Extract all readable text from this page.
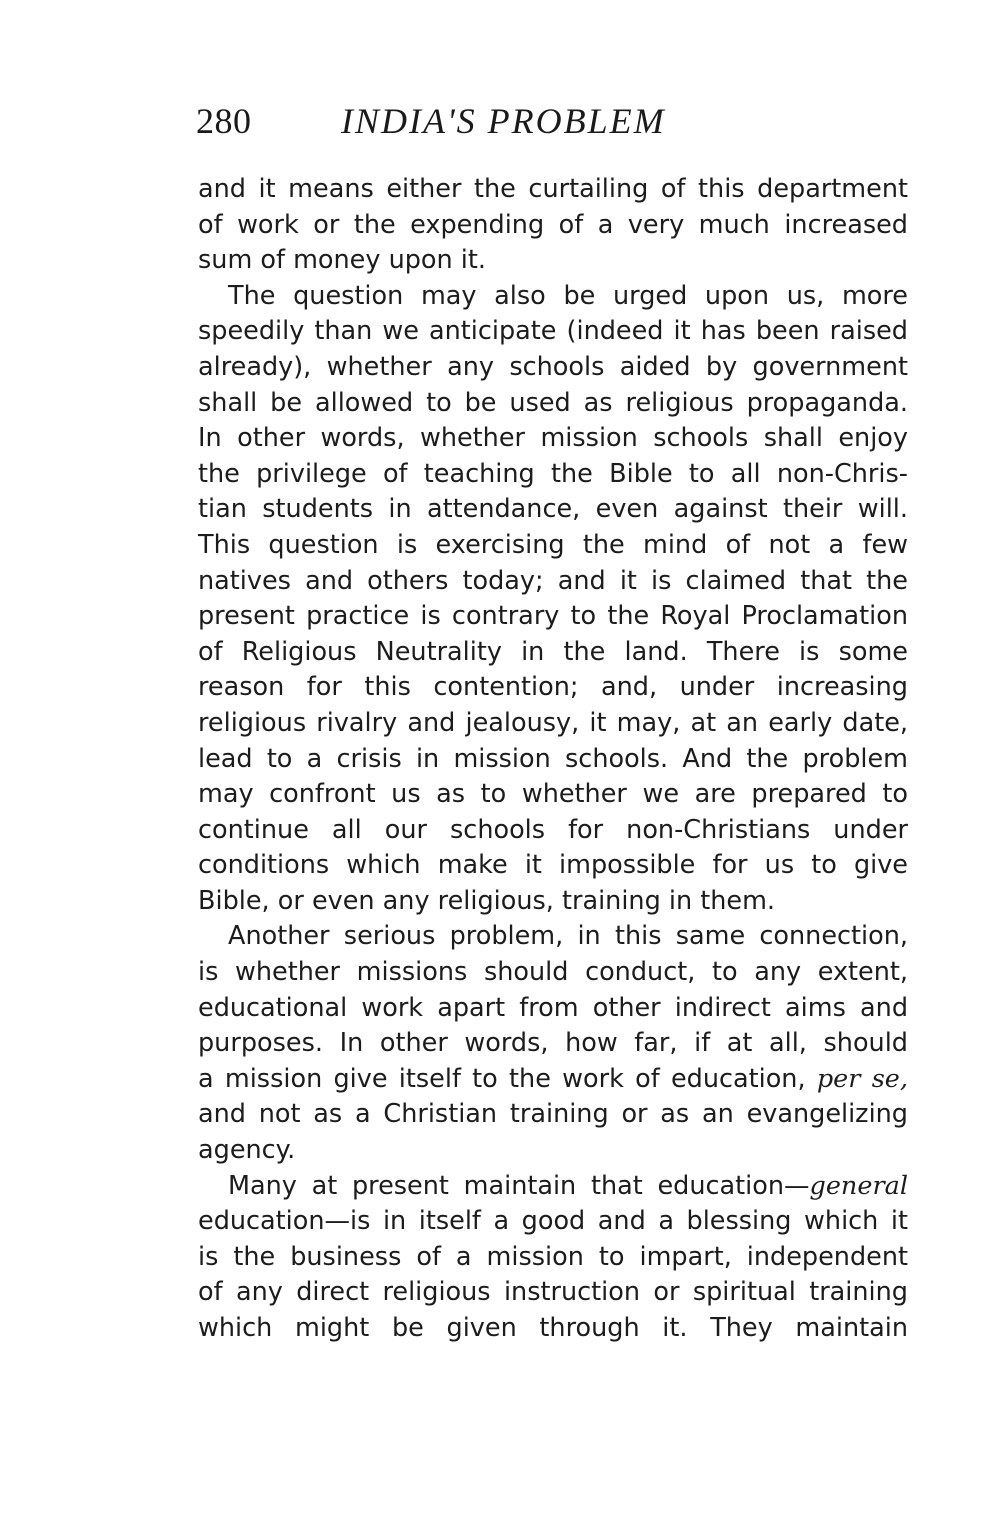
280 INDIA'S PROBLEM
and it means either the curtailing of this department
of work or the expending of a very much increased
sum of money upon it.
The question may also be urged upon us, more
speedily than we anticipate (indeed it has been raised
already), whether any schools aided by government
shall be allowed to be used as religious propaganda.
In other words, whether mission schools shall enjoy
the privilege of teaching the Bible to all non-Chris-
tian students in attendance, even against their will.
This question is exercising the mind of not a few
natives and others today; and it is claimed that the
present practice is contrary to the Royal Proclamation
of Religious Neutrality in the land. There is some
reason for this contention; and, under increasing
religious rivalry and jealousy, it may, at an early date,
lead to a crisis in mission schools. And the problem
may confront us as to whether we are prepared to
continue all our schools for non-Christians under
conditions which make it impossible for us to give
Bible, or even any religious, training in them.
Another serious problem, in this same connection,
is whether missions should conduct, to any extent,
educational work apart from other indirect aims and
purposes. In other words, how far, if at all, should
a mission give itself to the work of education, per se,
and not as a Christian training or as an evangelizing
agency.
Many at present maintain that education—general
education—is in itself a good and a blessing which it
is the business of a mission to impart, independent
of any direct religious instruction or spiritual training
which might be given through it. They maintain
